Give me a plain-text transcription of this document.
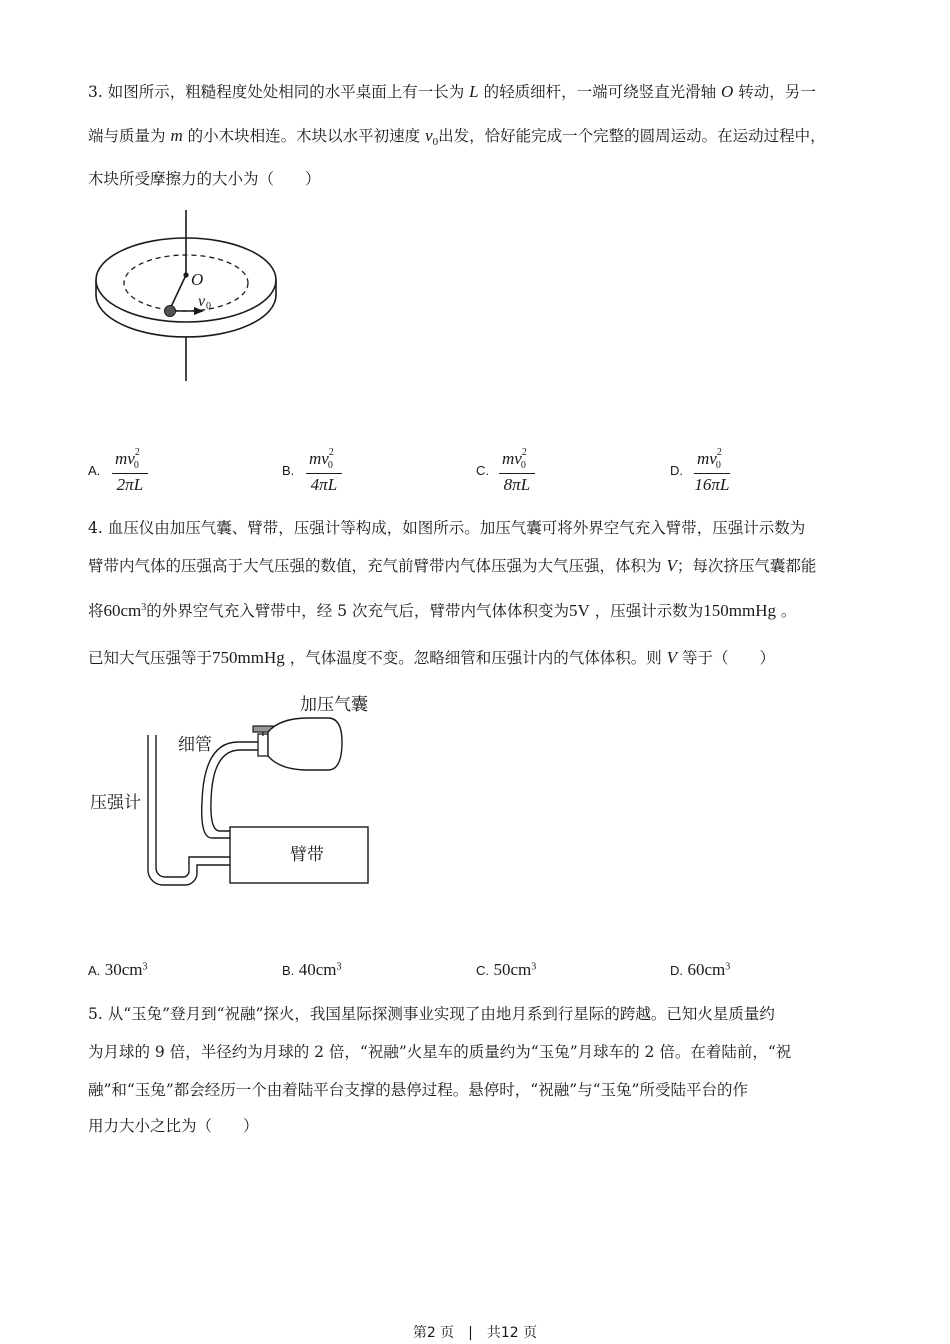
3. 如图所示，粗糙程度处处相同的水平桌面上有一长为 L 的轻质细杆，一端可绕竖直光滑轴 O 转动，另一
端与质量为 m 的小木块相连。木块以水平初速度 $v_0$出发，恰好能完成一个完整的圆周运动。在运动过程中，
木块所受摩擦力的大小为（　　）
O
v 0
A. $\frac{mv^2_0}{2\pi L}$	B. $\frac{mv^2_0}{4\pi L}$	C. $\frac{mv^2_0}{8\pi L}$	D. $\frac{mv^2_0}{16\pi L}$
4. 血压仪由加压气囊、臂带，压强计等构成，如图所示。加压气囊可将外界空气充入臂带，压强计示数为
臂带内气体的压强高于大气压强的数值，充气前臂带内气体压强为大气压强，体积为 V；每次挤压气囊都能
将$60cm^3$的外界空气充入臂带中，经 5 次充气后，臂带内气体体积变为5V ，压强计示数为150mmHg 。
已知大气压强等于750mmHg ，气体温度不变。忽略细管和压强计内的气体体积。则 V 等于（　　）
加压气囊
细管
压强计
臂带
A. $30cm^3$	B. $40cm^3$	C. $50cm^3$	D. $60cm^3$
5. 从“玉兔”登月到“祝融”探火，我国星际探测事业实现了由地月系到行星际的跨越。已知火星质量约
为月球的 9 倍，半径约为月球的 2 倍，“祝融”火星车的质量约为“玉兔”月球车的 2 倍。在着陆前，“祝
融”和“玉兔”都会经历一个由着陆平台支撑的悬停过程。悬停时，“祝融”与“玉兔”所受陆平台的作
用力大小之比为（　　）
第2 页　|　共12 页
